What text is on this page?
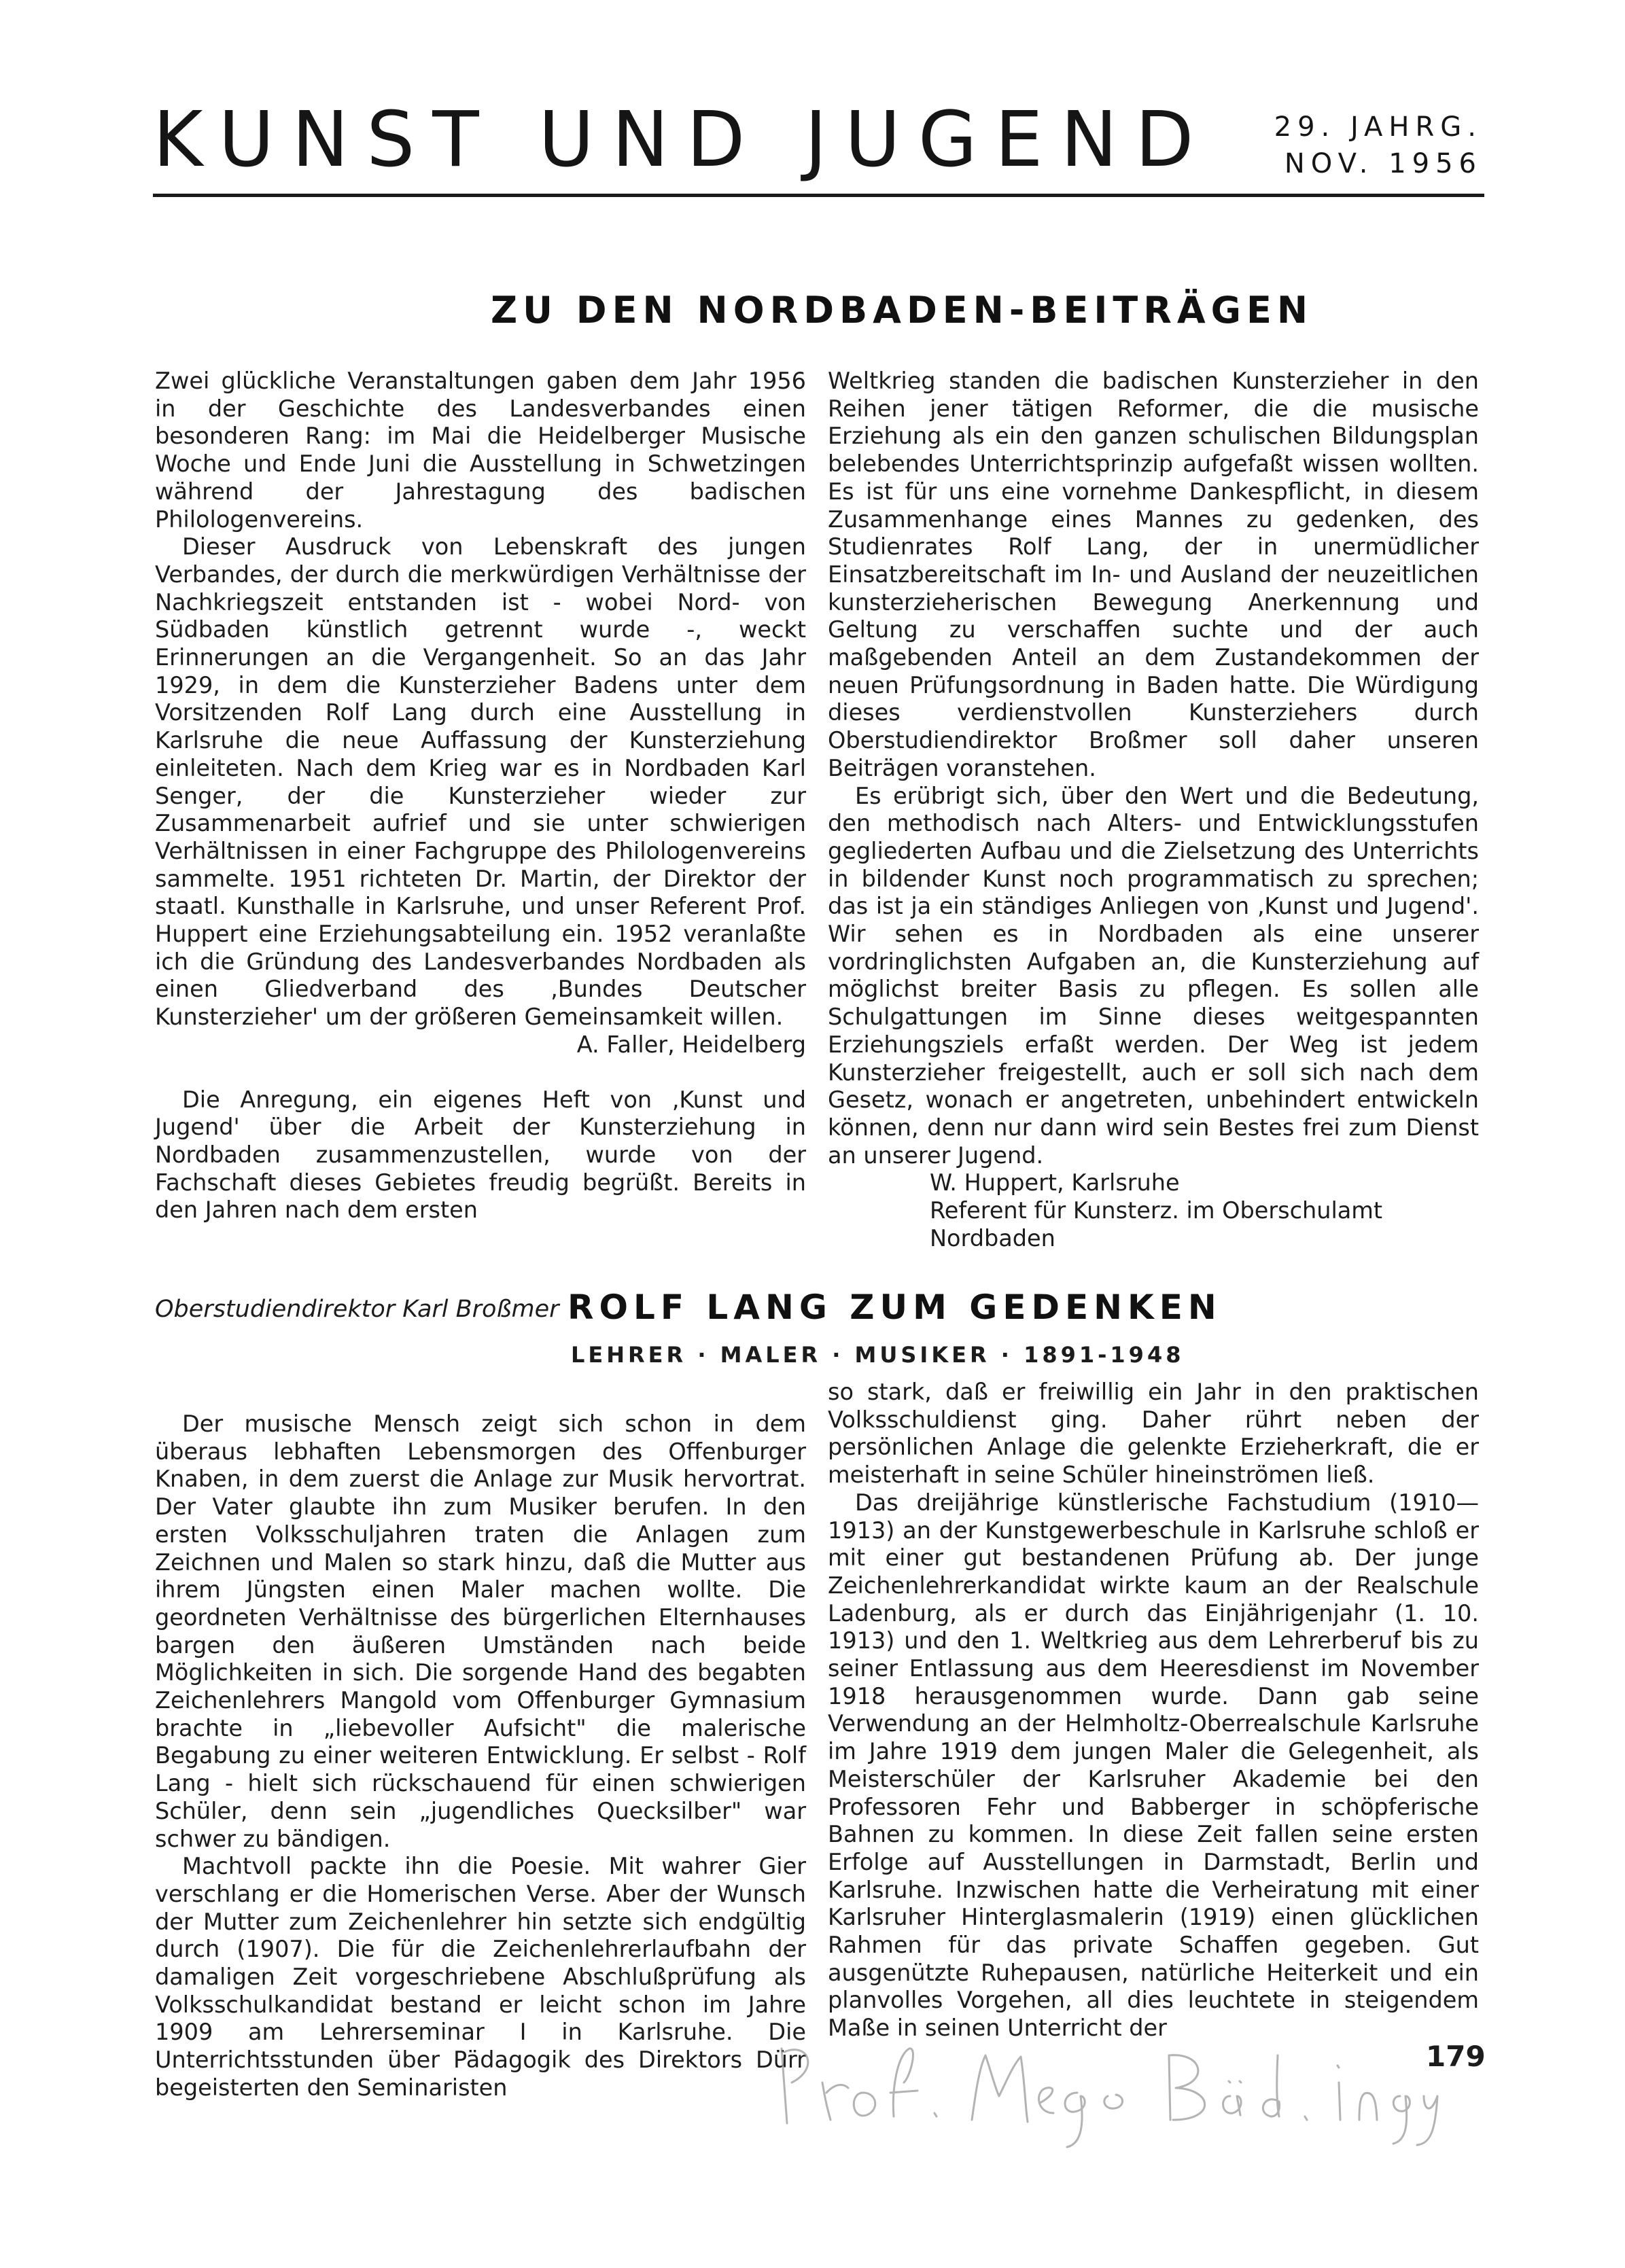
KUNST UND JUGEND 29. JAHRG.
NOV. 1956
ZU DEN NORDBADEN-BEITRÄGEN

Zwei glückliche Veranstaltungen gaben dem Jahr 1956 in der Geschichte des Landesverbandes einen besonderen Rang: im Mai die Heidelberger Musische Woche und Ende Juni die Ausstellung in Schwetzingen während der Jahrestagung des badischen Philologenvereins.

Dieser Ausdruck von Lebenskraft des jungen Verbandes, der durch die merkwürdigen Verhältnisse der Nachkriegszeit entstanden ist - wobei Nord- von Südbaden künstlich getrennt wurde -, weckt Erinnerungen an die Vergangenheit. So an das Jahr 1929, in dem die Kunsterzieher Badens unter dem Vorsitzenden Rolf Lang durch eine Ausstellung in Karlsruhe die neue Auffassung der Kunsterziehung einleiteten. Nach dem Krieg war es in Nordbaden Karl Senger, der die Kunsterzieher wieder zur Zusammenarbeit aufrief und sie unter schwierigen Verhältnissen in einer Fachgruppe des Philologenvereins sammelte. 1951 richteten Dr. Martin, der Direktor der staatl. Kunsthalle in Karlsruhe, und unser Referent Prof. Huppert eine Erziehungsabteilung ein. 1952 veranlaßte ich die Gründung des Landesverbandes Nordbaden als einen Gliedverband des ‚Bundes Deutscher Kunsterzieher' um der größeren Gemeinsamkeit willen.

A. Faller, Heidelberg

Die Anregung, ein eigenes Heft von ‚Kunst und Jugend' über die Arbeit der Kunsterziehung in Nordbaden zusammenzustellen, wurde von der Fachschaft dieses Gebietes freudig begrüßt. Bereits in den Jahren nach dem ersten

Weltkrieg standen die badischen Kunsterzieher in den Reihen jener tätigen Reformer, die die musische Erziehung als ein den ganzen schulischen Bildungsplan belebendes Unterrichtsprinzip aufgefaßt wissen wollten. Es ist für uns eine vornehme Dankespflicht, in diesem Zusammenhange eines Mannes zu gedenken, des Studienrates Rolf Lang, der in unermüdlicher Einsatzbereitschaft im In- und Ausland der neuzeitlichen kunsterzieherischen Bewegung Anerkennung und Geltung zu verschaffen suchte und der auch maßgebenden Anteil an dem Zustandekommen der neuen Prüfungsordnung in Baden hatte. Die Würdigung dieses verdienstvollen Kunsterziehers durch Oberstudiendirektor Broßmer soll daher unseren Beiträgen voranstehen.

Es erübrigt sich, über den Wert und die Bedeutung, den methodisch nach Alters- und Entwicklungsstufen gegliederten Aufbau und die Zielsetzung des Unterrichts in bildender Kunst noch programmatisch zu sprechen; das ist ja ein ständiges Anliegen von ‚Kunst und Jugend'. Wir sehen es in Nordbaden als eine unserer vordringlichsten Aufgaben an, die Kunsterziehung auf möglichst breiter Basis zu pflegen. Es sollen alle Schulgattungen im Sinne dieses weitgespannten Erziehungsziels erfaßt werden. Der Weg ist jedem Kunsterzieher freigestellt, auch er soll sich nach dem Gesetz, wonach er angetreten, unbehindert entwickeln können, denn nur dann wird sein Bestes frei zum Dienst an unserer Jugend.

W. Huppert, Karlsruhe

Referent für Kunsterz. im Oberschulamt Nordbaden

Oberstudiendirektor Karl Broßmer ROLF LANG ZUM GEDENKEN
LEHRER · MALER · MUSIKER · 1891-1948

Der musische Mensch zeigt sich schon in dem überaus lebhaften Lebensmorgen des Offenburger Knaben, in dem zuerst die Anlage zur Musik hervortrat. Der Vater glaubte ihn zum Musiker berufen. In den ersten Volksschuljahren traten die Anlagen zum Zeichnen und Malen so stark hinzu, daß die Mutter aus ihrem Jüngsten einen Maler machen wollte. Die geordneten Verhältnisse des bürgerlichen Elternhauses bargen den äußeren Umständen nach beide Möglichkeiten in sich. Die sorgende Hand des begabten Zeichenlehrers Mangold vom Offenburger Gymnasium brachte in „liebevoller Aufsicht" die malerische Begabung zu einer weiteren Entwicklung. Er selbst - Rolf Lang - hielt sich rückschauend für einen schwierigen Schüler, denn sein „jugendliches Quecksilber" war schwer zu bändigen.

Machtvoll packte ihn die Poesie. Mit wahrer Gier verschlang er die Homerischen Verse. Aber der Wunsch der Mutter zum Zeichenlehrer hin setzte sich endgültig durch (1907). Die für die Zeichenlehrerlaufbahn der damaligen Zeit vorgeschriebene Abschlußprüfung als Volksschulkandidat bestand er leicht schon im Jahre 1909 am Lehrerseminar I in Karlsruhe. Die Unterrichtsstunden über Pädagogik des Direktors Dürr begeisterten den Seminaristen

so stark, daß er freiwillig ein Jahr in den praktischen Volksschuldienst ging. Daher rührt neben der persönlichen Anlage die gelenkte Erzieherkraft, die er meisterhaft in seine Schüler hineinströmen ließ.

Das dreijährige künstlerische Fachstudium (1910—1913) an der Kunstgewerbeschule in Karlsruhe schloß er mit einer gut bestandenen Prüfung ab. Der junge Zeichenlehrerkandidat wirkte kaum an der Realschule Ladenburg, als er durch das Einjährigenjahr (1. 10. 1913) und den 1. Weltkrieg aus dem Lehrerberuf bis zu seiner Entlassung aus dem Heeresdienst im November 1918 herausgenommen wurde. Dann gab seine Verwendung an der Helmholtz-Oberrealschule Karlsruhe im Jahre 1919 dem jungen Maler die Gelegenheit, als Meisterschüler der Karlsruher Akademie bei den Professoren Fehr und Babberger in schöpferische Bahnen zu kommen. In diese Zeit fallen seine ersten Erfolge auf Ausstellungen in Darmstadt, Berlin und Karlsruhe. Inzwischen hatte die Verheiratung mit einer Karlsruher Hinterglasmalerin (1919) einen glücklichen Rahmen für das private Schaffen gegeben. Gut ausgenützte Ruhepausen, natürliche Heiterkeit und ein planvolles Vorgehen, all dies leuchtete in steigendem Maße in seinen Unterricht der

179
